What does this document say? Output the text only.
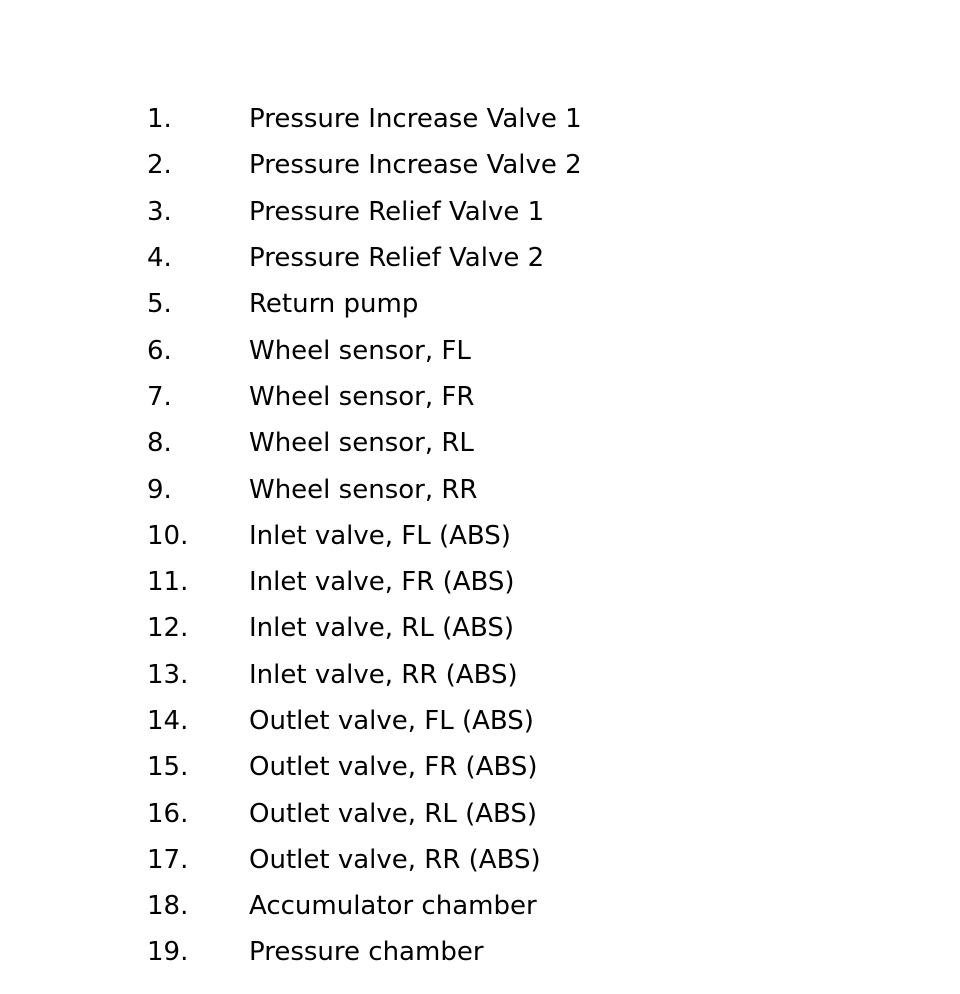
1.	Pressure Increase Valve 1
2.	Pressure Increase Valve 2
3.	Pressure Relief Valve 1
4.	Pressure Relief Valve 2
5.	Return pump
6.	Wheel sensor, FL
7.	Wheel sensor, FR
8.	Wheel sensor, RL
9.	Wheel sensor, RR
10.	Inlet valve, FL (ABS)
11.	Inlet valve, FR (ABS)
12.	Inlet valve, RL (ABS)
13.	Inlet valve, RR (ABS)
14.	Outlet valve, FL (ABS)
15.	Outlet valve, FR (ABS)
16.	Outlet valve, RL (ABS)
17.	Outlet valve, RR (ABS)
18.	Accumulator chamber
19.	Pressure chamber
